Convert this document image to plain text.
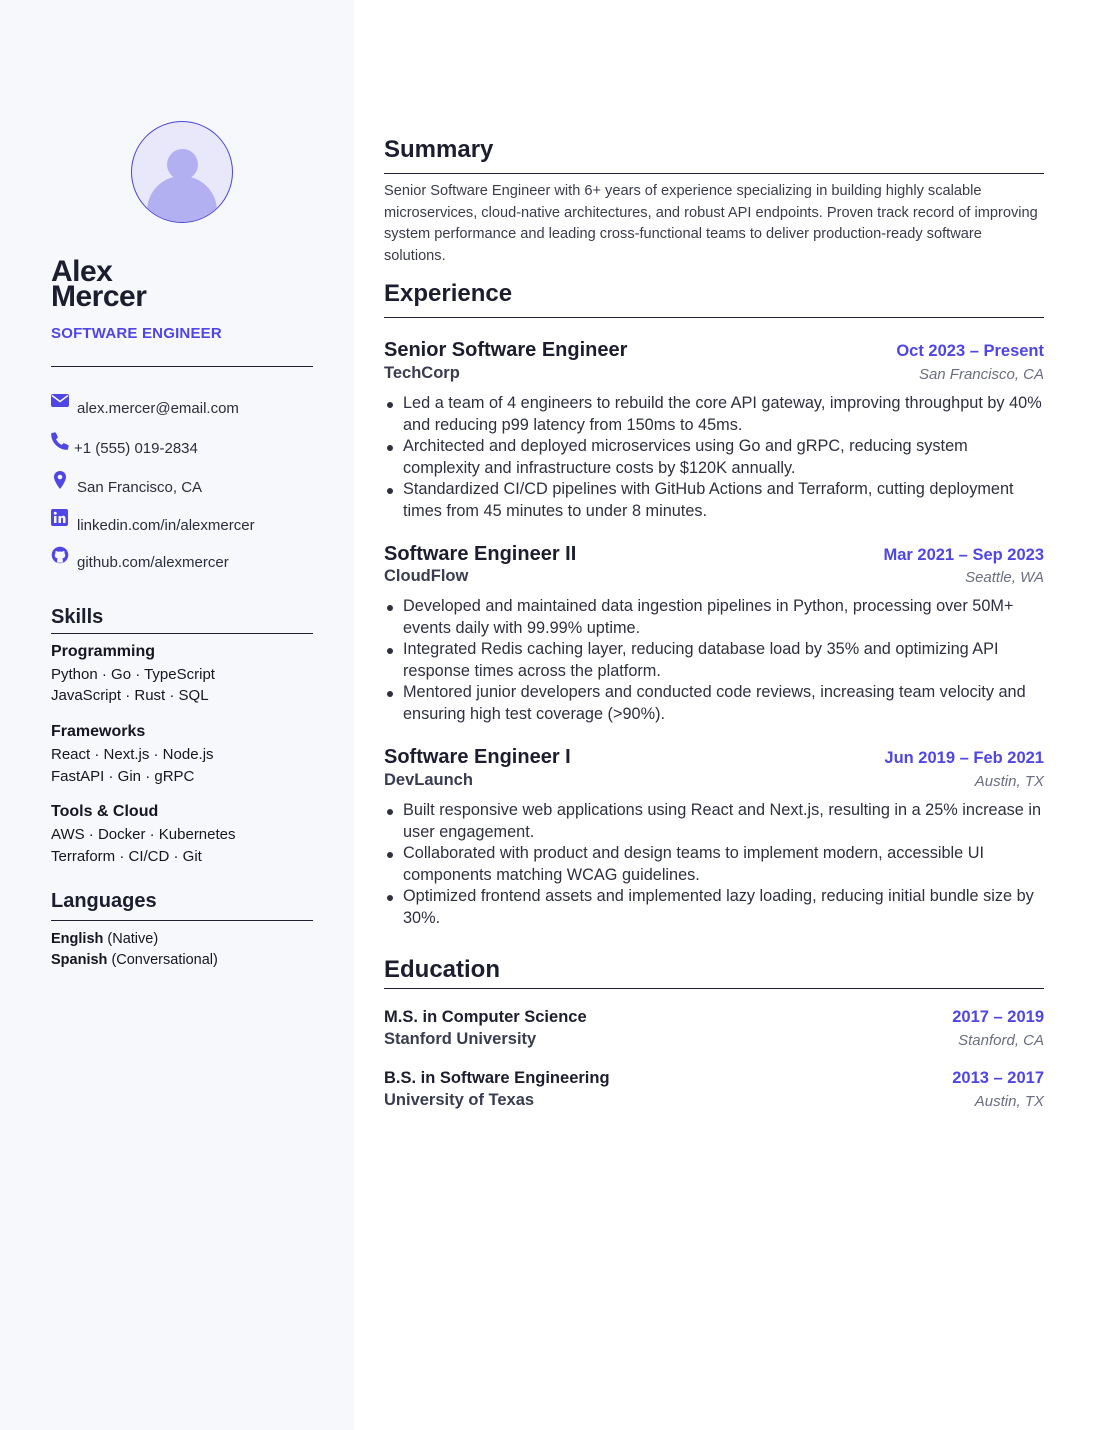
Alex
Mercer
SOFTWARE ENGINEER
alex.mercer@email.com
+1 (555) 019-2834
San Francisco, CA
linkedin.com/in/alexmercer
github.com/alexmercer
Skills
Programming
Python · Go · TypeScript
JavaScript · Rust · SQL
Frameworks
React · Next.js · Node.js
FastAPI · Gin · gRPC
Tools & Cloud
AWS · Docker · Kubernetes
Terraform · CI/CD · Git
Languages
English (Native)
Spanish (Conversational)
Summary
Senior Software Engineer with 6+ years of experience specializing in building highly scalable microservices, cloud-native architectures, and robust API endpoints. Proven track record of improving system performance and leading cross-functional teams to deliver production-ready software solutions.
Experience
Senior Software Engineer	Oct 2023 – Present
TechCorp	San Francisco, CA
Led a team of 4 engineers to rebuild the core API gateway, improving throughput by 40% and reducing p99 latency from 150ms to 45ms.
Architected and deployed microservices using Go and gRPC, reducing system complexity and infrastructure costs by $120K annually.
Standardized CI/CD pipelines with GitHub Actions and Terraform, cutting deployment times from 45 minutes to under 8 minutes.
Software Engineer II	Mar 2021 – Sep 2023
CloudFlow	Seattle, WA
Developed and maintained data ingestion pipelines in Python, processing over 50M+ events daily with 99.99% uptime.
Integrated Redis caching layer, reducing database load by 35% and optimizing API response times across the platform.
Mentored junior developers and conducted code reviews, increasing team velocity and ensuring high test coverage (>90%).
Software Engineer I	Jun 2019 – Feb 2021
DevLaunch	Austin, TX
Built responsive web applications using React and Next.js, resulting in a 25% increase in user engagement.
Collaborated with product and design teams to implement modern, accessible UI components matching WCAG guidelines.
Optimized frontend assets and implemented lazy loading, reducing initial bundle size by 30%.
Education
M.S. in Computer Science	2017 – 2019
Stanford University	Stanford, CA
B.S. in Software Engineering	2013 – 2017
University of Texas	Austin, TX
